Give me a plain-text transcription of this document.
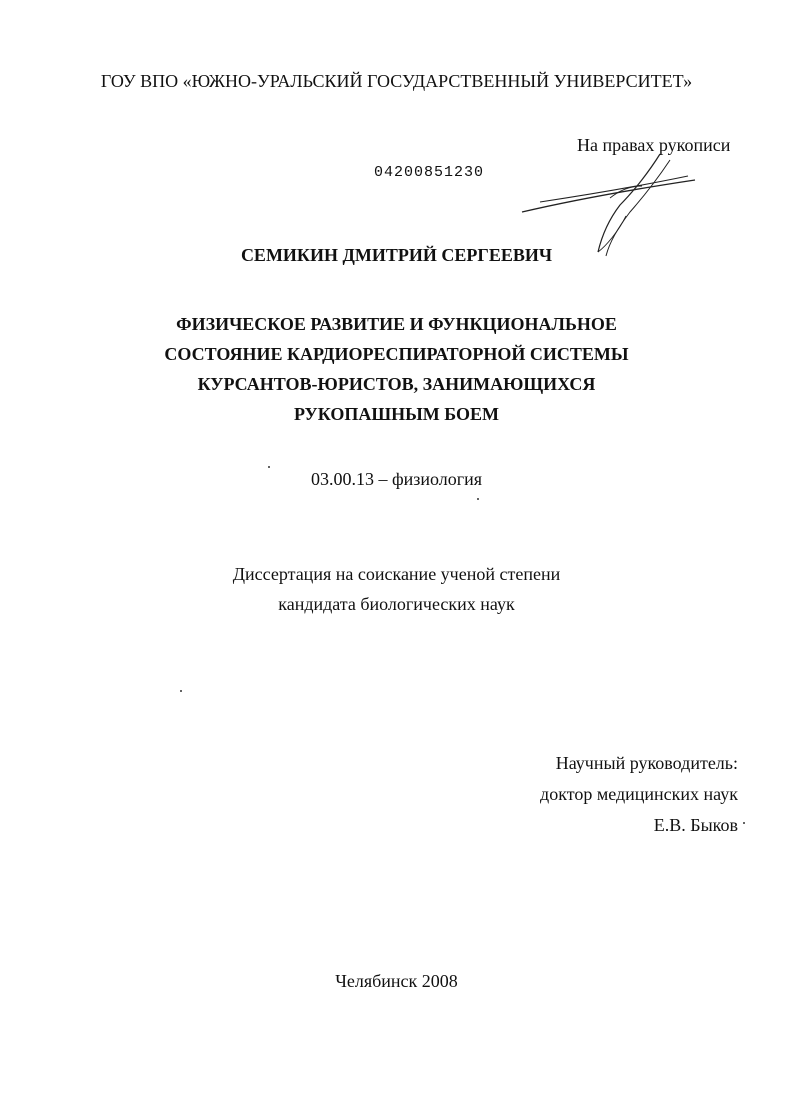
ГОУ ВПО «ЮЖНО-УРАЛЬСКИЙ ГОСУДАРСТВЕННЫЙ УНИВЕРСИТЕТ»
На правах рукописи
04200851230
СЕМИКИН ДМИТРИЙ СЕРГЕЕВИЧ
ФИЗИЧЕСКОЕ РАЗВИТИЕ И ФУНКЦИОНАЛЬНОЕ
СОСТОЯНИЕ КАРДИОРЕСПИРАТОРНОЙ СИСТЕМЫ
КУРСАНТОВ-ЮРИСТОВ, ЗАНИМАЮЩИХСЯ
РУКОПАШНЫМ БОЕМ
03.00.13 – физиология
Диссертация на соискание ученой степени
кандидата биологических наук
Научный руководитель:
доктор медицинских наук
Е.В. Быков
Челябинск 2008
